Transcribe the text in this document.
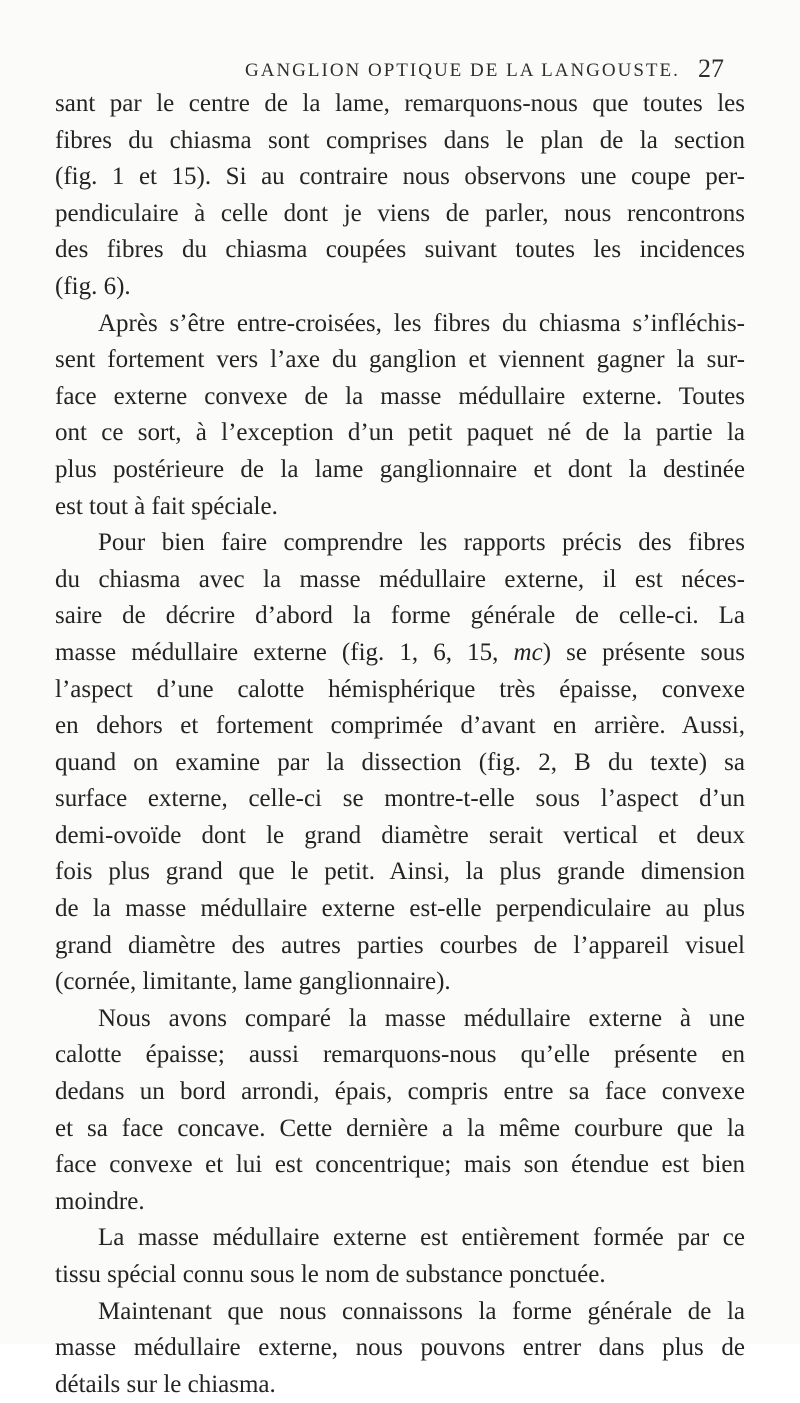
GANGLION OPTIQUE DE LA LANGOUSTE. 27

sant par le centre de la lame, remarquons-nous que toutes les
fibres du chiasma sont comprises dans le plan de la section
(fig. 1 et 15). Si au contraire nous observons une coupe per-
pendiculaire à celle dont je viens de parler, nous rencontrons
des fibres du chiasma coupées suivant toutes les incidences
(fig. 6).

Après s’être entre-croisées, les fibres du chiasma s’infléchis-
sent fortement vers l’axe du ganglion et viennent gagner la sur-
face externe convexe de la masse médullaire externe. Toutes
ont ce sort, à l’exception d’un petit paquet né de la partie la
plus postérieure de la lame ganglionnaire et dont la destinée
est tout à fait spéciale.

Pour bien faire comprendre les rapports précis des fibres
du chiasma avec la masse médullaire externe, il est néces-
saire de décrire d’abord la forme générale de celle-ci. La
masse médullaire externe (fig. 1, 6, 15, mc) se présente sous
l’aspect d’une calotte hémisphérique très épaisse, convexe
en dehors et fortement comprimée d’avant en arrière. Aussi,
quand on examine par la dissection (fig. 2, B du texte) sa
surface externe, celle-ci se montre-t-elle sous l’aspect d’un
demi-ovoïde dont le grand diamètre serait vertical et deux
fois plus grand que le petit. Ainsi, la plus grande dimension
de la masse médullaire externe est-elle perpendiculaire au plus
grand diamètre des autres parties courbes de l’appareil visuel
(cornée, limitante, lame ganglionnaire).

Nous avons comparé la masse médullaire externe à une
calotte épaisse; aussi remarquons-nous qu’elle présente en
dedans un bord arrondi, épais, compris entre sa face convexe
et sa face concave. Cette dernière a la même courbure que la
face convexe et lui est concentrique; mais son étendue est bien
moindre.

La masse médullaire externe est entièrement formée par ce
tissu spécial connu sous le nom de substance ponctuée.
Maintenant que nous connaissons la forme générale de la
masse médullaire externe, nous pouvons entrer dans plus de
détails sur le chiasma.
